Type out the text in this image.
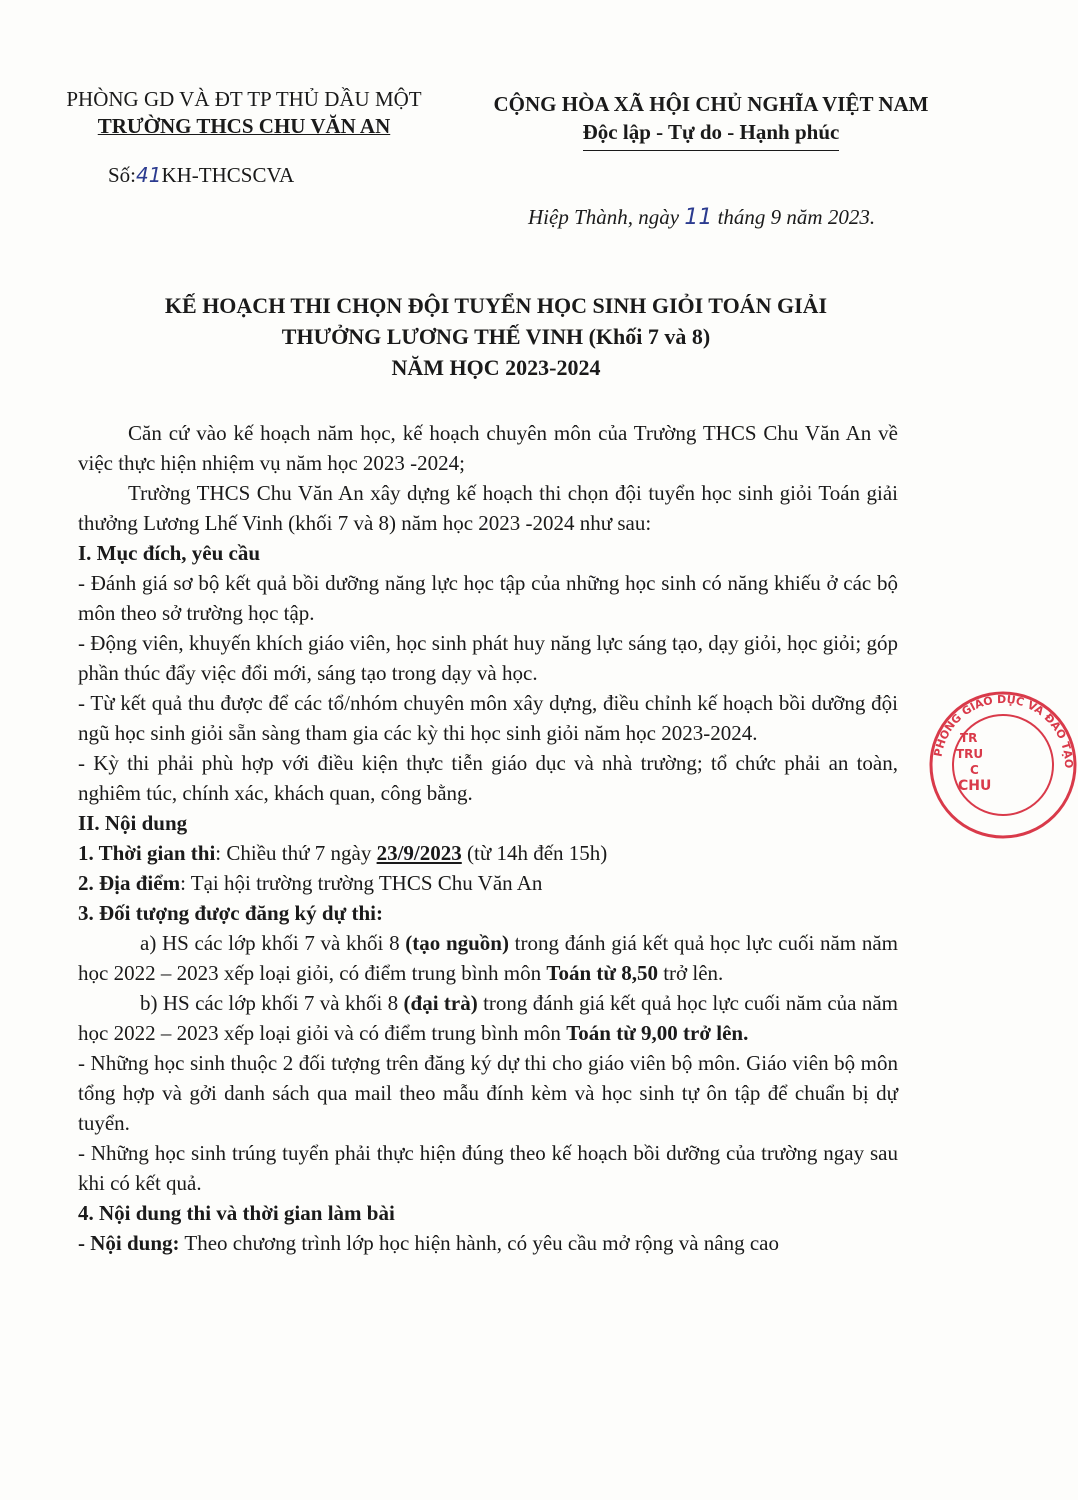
PHÒNG GD VÀ ĐT TP THỦ DẦU MỘT
TRƯỜNG THCS CHU VĂN AN
CỘNG HÒA XÃ HỘI CHỦ NGHĨA VIỆT NAM
Độc lập - Tự do - Hạnh phúc
Số:41KH-THCSCVA
Hiệp Thành, ngày 11 tháng 9 năm 2023.
KẾ HOẠCH THI CHỌN ĐỘI TUYỂN HỌC SINH GIỎI TOÁN GIẢI
THƯỞNG LƯƠNG THẾ VINH (Khối 7 và 8)
NĂM HỌC 2023-2024

Căn cứ vào kế hoạch năm học, kế hoạch chuyên môn của Trường THCS Chu Văn An về việc thực hiện nhiệm vụ năm học 2023 -2024;

Trường THCS Chu Văn An xây dựng kế hoạch thi chọn đội tuyển học sinh giỏi Toán giải thưởng Lương Lhế Vinh (khối 7 và 8) năm học 2023 -2024 như sau:

I. Mục đích, yêu cầu

- Đánh giá sơ bộ kết quả bồi dưỡng năng lực học tập của những học sinh có năng khiếu ở các bộ môn theo sở trường học tập.

- Động viên, khuyến khích giáo viên, học sinh phát huy năng lực sáng tạo, dạy giỏi, học giỏi; góp phần thúc đẩy việc đổi mới, sáng tạo trong dạy và học.

- Từ kết quả thu được để các tổ/nhóm chuyên môn xây dựng, điều chỉnh kế hoạch bồi dưỡng đội ngũ học sinh giỏi sẵn sàng tham gia các kỳ thi học sinh giỏi năm học 2023-2024.

- Kỳ thi phải phù hợp với điều kiện thực tiễn giáo dục và nhà trường; tổ chức phải an toàn, nghiêm túc, chính xác, khách quan, công bằng.

II. Nội dung

1. Thời gian thi: Chiều thứ 7 ngày 23/9/2023 (từ 14h đến 15h)

2. Địa điểm: Tại hội trường trường THCS Chu Văn An

3. Đối tượng được đăng ký dự thi:

a) HS các lớp khối 7 và khối 8 (tạo nguồn) trong đánh giá kết quả học lực cuối năm năm học 2022 – 2023 xếp loại giỏi, có điểm trung bình môn Toán từ 8,50 trở lên.

b) HS các lớp khối 7 và khối 8 (đại trà) trong đánh giá kết quả học lực cuối năm của năm học 2022 – 2023 xếp loại giỏi và có điểm trung bình môn Toán từ 9,00 trở lên.

- Những học sinh thuộc 2 đối tượng trên đăng ký dự thi cho giáo viên bộ môn. Giáo viên bộ môn tổng hợp và gởi danh sách qua mail theo mẫu đính kèm và học sinh tự ôn tập để chuẩn bị dự tuyển.

- Những học sinh trúng tuyển phải thực hiện đúng theo kế hoạch bồi dưỡng của trường ngay sau khi có kết quả.

4. Nội dung thi và thời gian làm bài

- Nội dung: Theo chương trình lớp học hiện hành, có yêu cầu mở rộng và nâng cao

PHÒNG GIÁO DỤC VÀ ĐÀO TẠO
TR
TRU
C
CHU
